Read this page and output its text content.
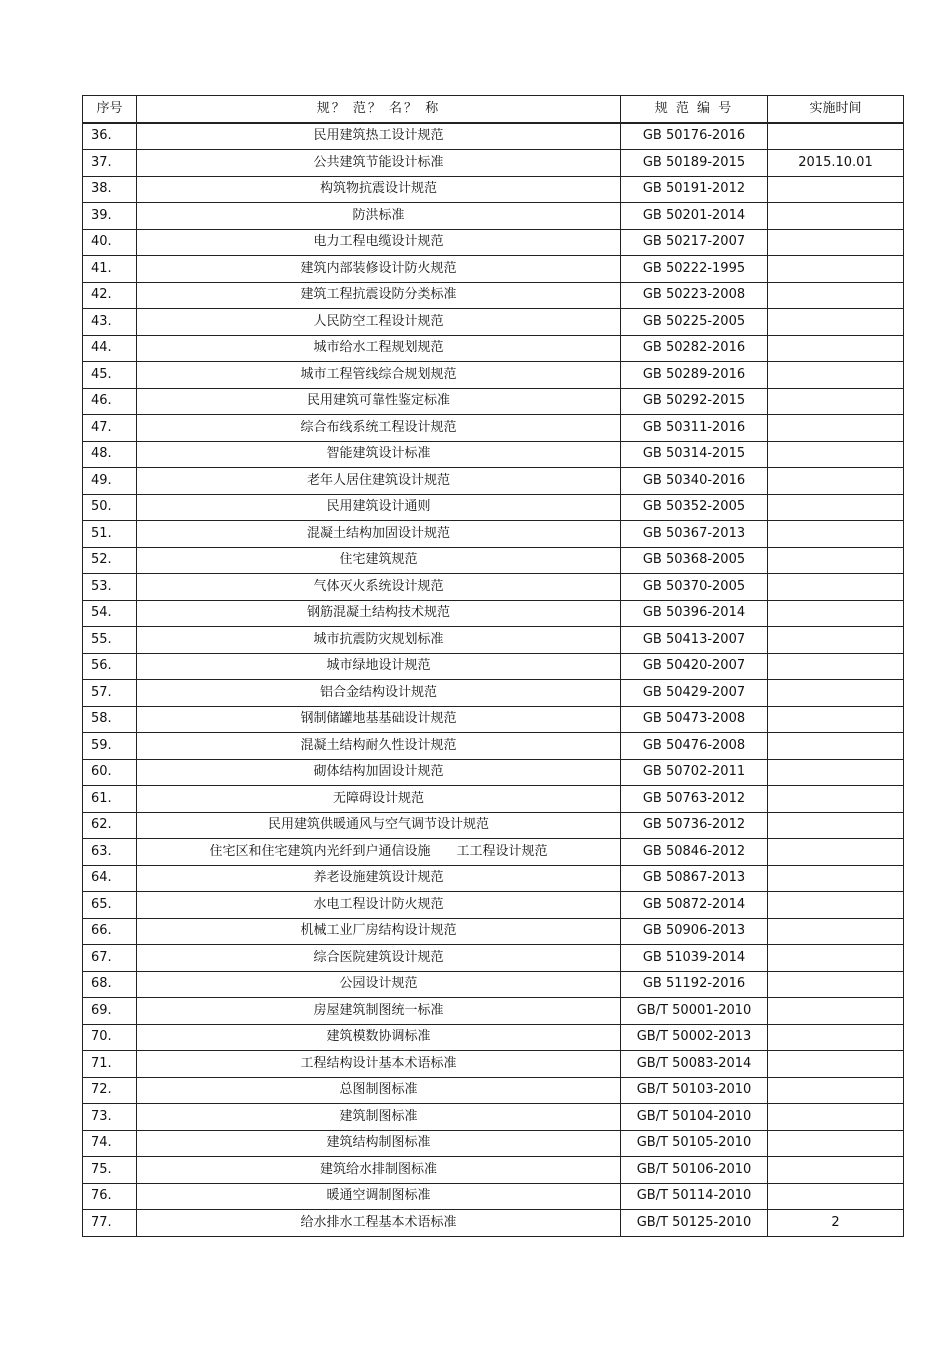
序号	规？ 范？ 名？ 称	规 范 编 号	实施时间
36.	民用建筑热工设计规范	GB 50176-2016	
37.	公共建筑节能设计标准	GB 50189-2015	2015.10.01
38.	构筑物抗震设计规范	GB 50191-2012	
39.	防洪标准	GB 50201-2014	
40.	电力工程电缆设计规范	GB 50217-2007	
41.	建筑内部装修设计防火规范	GB 50222-1995	
42.	建筑工程抗震设防分类标准	GB 50223-2008	
43.	人民防空工程设计规范	GB 50225-2005	
44.	城市给水工程规划规范	GB 50282-2016	
45.	城市工程管线综合规划规范	GB 50289-2016	
46.	民用建筑可靠性鉴定标准	GB 50292-2015	
47.	综合布线系统工程设计规范	GB 50311-2016	
48.	智能建筑设计标准	GB 50314-2015	
49.	老年人居住建筑设计规范	GB 50340-2016	
50.	民用建筑设计通则	GB 50352-2005	
51.	混凝土结构加固设计规范	GB 50367-2013	
52.	住宅建筑规范	GB 50368-2005	
53.	气体灭火系统设计规范	GB 50370-2005	
54.	钢筋混凝土结构技术规范	GB 50396-2014	
55.	城市抗震防灾规划标准	GB 50413-2007	
56.	城市绿地设计规范	GB 50420-2007	
57.	铝合金结构设计规范	GB 50429-2007	
58.	钢制储罐地基基础设计规范	GB 50473-2008	
59.	混凝土结构耐久性设计规范	GB 50476-2008	
60.	砌体结构加固设计规范	GB 50702-2011	
61.	无障碍设计规范	GB 50763-2012	
62.	民用建筑供暖通风与空气调节设计规范	GB 50736-2012	
63.	住宅区和住宅建筑内光纤到户通信设施　　工工程设计规范	GB 50846-2012	
64.	养老设施建筑设计规范	GB 50867-2013	
65.	水电工程设计防火规范	GB 50872-2014	
66.	机械工业厂房结构设计规范	GB 50906-2013	
67.	综合医院建筑设计规范	GB 51039-2014	
68.	公园设计规范	GB 51192-2016	
69.	房屋建筑制图统一标准	GB/T 50001-2010	
70.	建筑模数协调标准	GB/T 50002-2013	
71.	工程结构设计基本术语标准	GB/T 50083-2014	
72.	总图制图标准	GB/T 50103-2010	
73.	建筑制图标准	GB/T 50104-2010	
74.	建筑结构制图标准	GB/T 50105-2010	
75.	建筑给水排制图标准	GB/T 50106-2010	
76.	暖通空调制图标准	GB/T 50114-2010	
77.	给水排水工程基本术语标准	GB/T 50125-2010	2
